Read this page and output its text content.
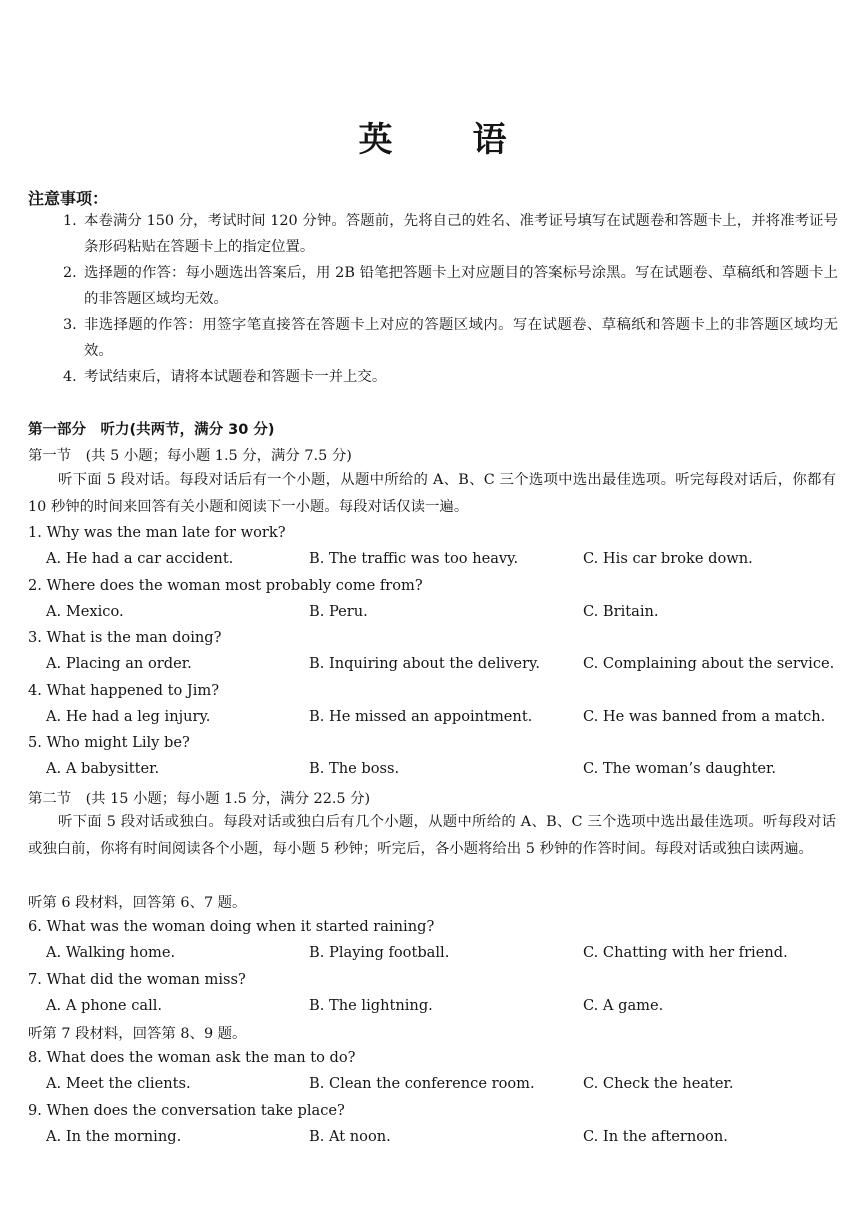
英 语
注意事项：
1. 本卷满分 150 分，考试时间 120 分钟。答题前，先将自己的姓名、准考证号填写在试题卷和答题卡上，并将准考证号条形码粘贴在答题卡上的指定位置。
2. 选择题的作答：每小题选出答案后，用 2B 铅笔把答题卡上对应题目的答案标号涂黑。写在试题卷、草稿纸和答题卡上的非答题区域均无效。
3. 非选择题的作答：用签字笔直接答在答题卡上对应的答题区域内。写在试题卷、草稿纸和答题卡上的非答题区域均无效。
4. 考试结束后，请将本试题卷和答题卡一并上交。
第一部分　听力(共两节，满分 30 分)
第一节　(共 5 小题；每小题 1.5 分，满分 7.5 分)
听下面 5 段对话。每段对话后有一个小题，从题中所给的 A、B、C 三个选项中选出最佳选项。听完每段对话后，你都有 10 秒钟的时间来回答有关小题和阅读下一小题。每段对话仅读一遍。
1. Why was the man late for work?
A. He had a car accident.	B. The traffic was too heavy.	C. His car broke down.
2. Where does the woman most probably come from?
A. Mexico.	B. Peru.	C. Britain.
3. What is the man doing?
A. Placing an order.	B. Inquiring about the delivery.	C. Complaining about the service.
4. What happened to Jim?
A. He had a leg injury.	B. He missed an appointment.	C. He was banned from a match.
5. Who might Lily be?
A. A babysitter.	B. The boss.	C. The woman’s daughter.
第二节　(共 15 小题；每小题 1.5 分，满分 22.5 分)
听下面 5 段对话或独白。每段对话或独白后有几个小题，从题中所给的 A、B、C 三个选项中选出最佳选项。听每段对话或独白前，你将有时间阅读各个小题，每小题 5 秒钟；听完后，各小题将给出 5 秒钟的作答时间。每段对话或独白读两遍。
听第 6 段材料，回答第 6、7 题。
6. What was the woman doing when it started raining?
A. Walking home.	B. Playing football.	C. Chatting with her friend.
7. What did the woman miss?
A. A phone call.	B. The lightning.	C. A game.
听第 7 段材料，回答第 8、9 题。
8. What does the woman ask the man to do?
A. Meet the clients.	B. Clean the conference room.	C. Check the heater.
9. When does the conversation take place?
A. In the morning.	B. At noon.	C. In the afternoon.
